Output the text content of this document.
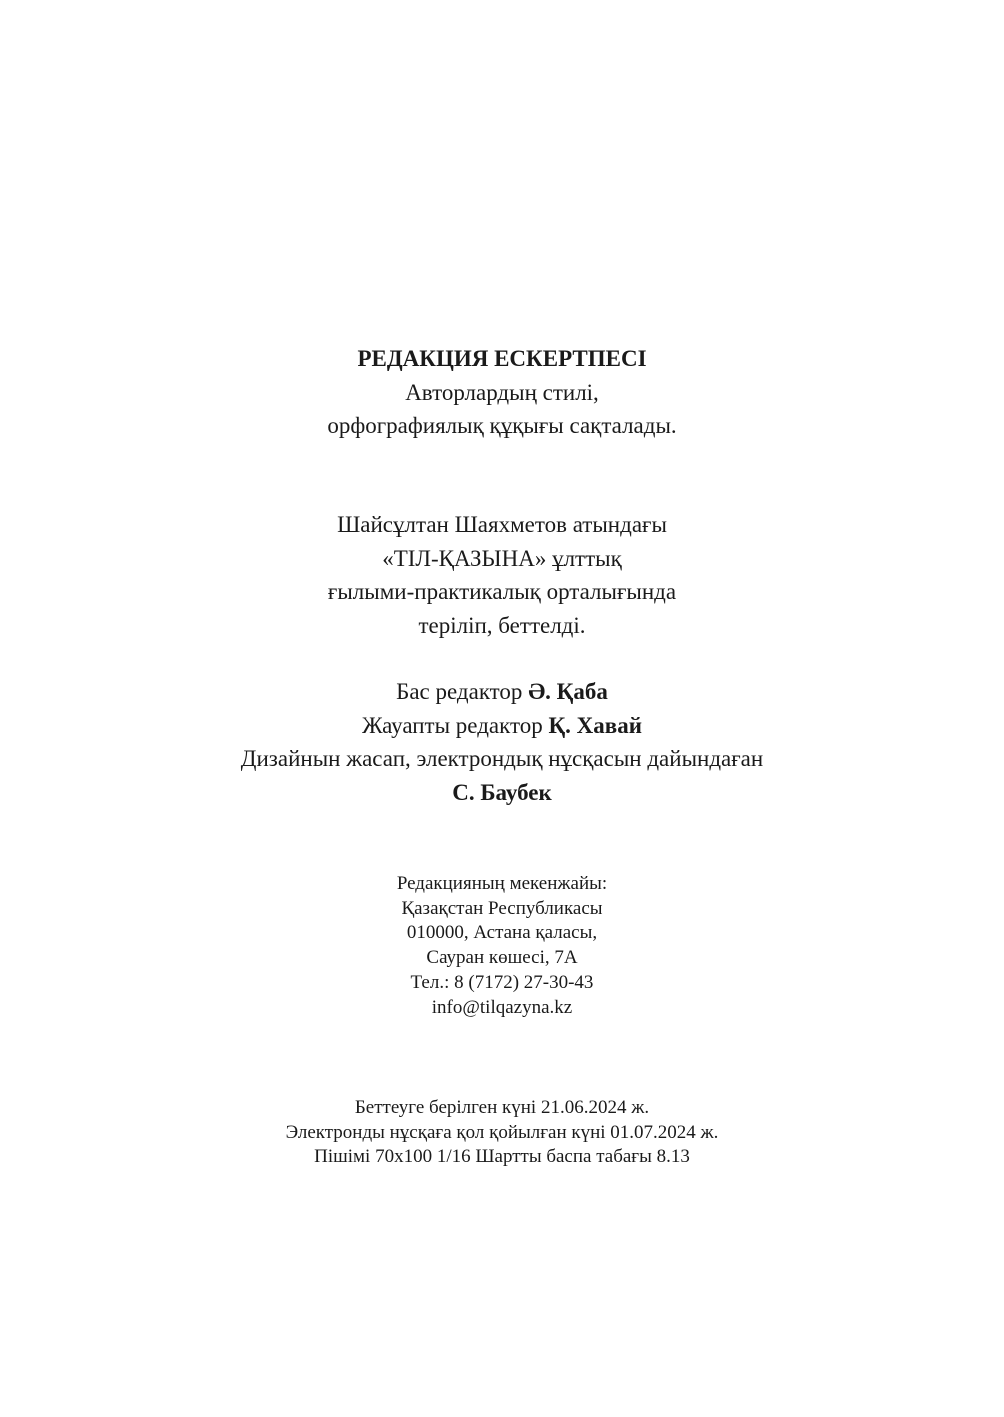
РЕДАКЦИЯ ЕСКЕРТПЕСІ
Авторлардың стилі,
орфографиялық құқығы сақталады.
Шайсұлтан Шаяхметов атындағы
«ТІЛ-ҚАЗЫНА» ұлттық
ғылыми-практикалық орталығында
терiлiп, беттелдi.
Бас редактор Ә. Қаба
Жауапты редактор Қ. Хавай
Дизайнын жасап, электрондық нұсқасын дайындаған
С. Баубек
Редакцияның мекенжайы:
Қазақстан Республикасы
010000, Астана қаласы,
Сауран көшесі, 7А
Тел.: 8 (7172) 27-30-43
info@tilqazyna.kz
Беттеуге берілген күні 21.06.2024 ж.
Электронды нұсқаға қол қойылған күні 01.07.2024 ж.
Пішімі 70х100 1/16 Шартты баспа табағы 8.13
